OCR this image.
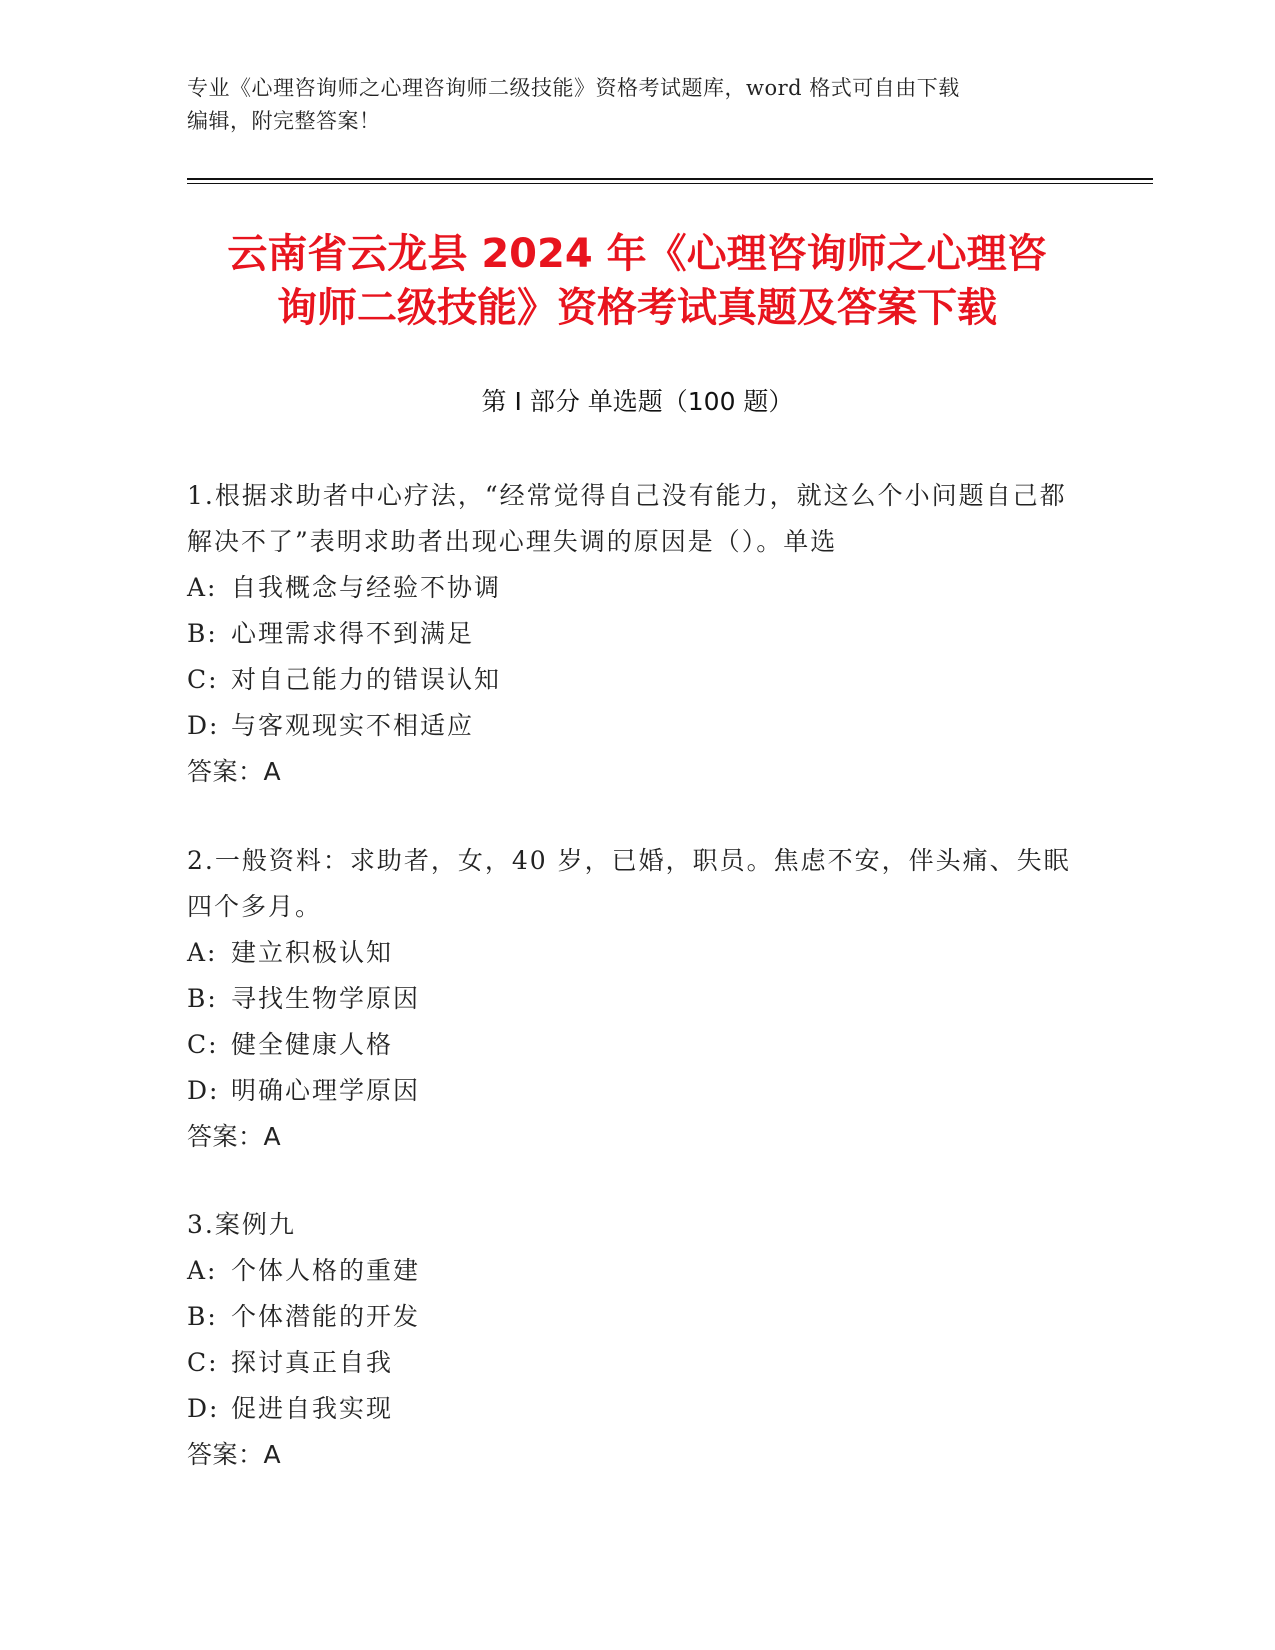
专业《心理咨询师之心理咨询师二级技能》资格考试题库，word 格式可自由下载
编辑，附完整答案！
云南省云龙县 2024 年《心理咨询师之心理咨
询师二级技能》资格考试真题及答案下载
第 I 部分 单选题（100 题）
1.根据求助者中心疗法，“经常觉得自己没有能力，就这么个小问题自己都解决不了”表明求助者出现心理失调的原因是（）。单选
A: 自我概念与经验不协调
B: 心理需求得不到满足
C: 对自己能力的错误认知
D: 与客观现实不相适应
答案：A
2.一般资料：求助者，女，40 岁，已婚，职员。焦虑不安，伴头痛、失眠四个多月。
A: 建立积极认知
B: 寻找生物学原因
C: 健全健康人格
D: 明确心理学原因
答案：A
3.案例九
A: 个体人格的重建
B: 个体潜能的开发
C: 探讨真正自我
D: 促进自我实现
答案：A
